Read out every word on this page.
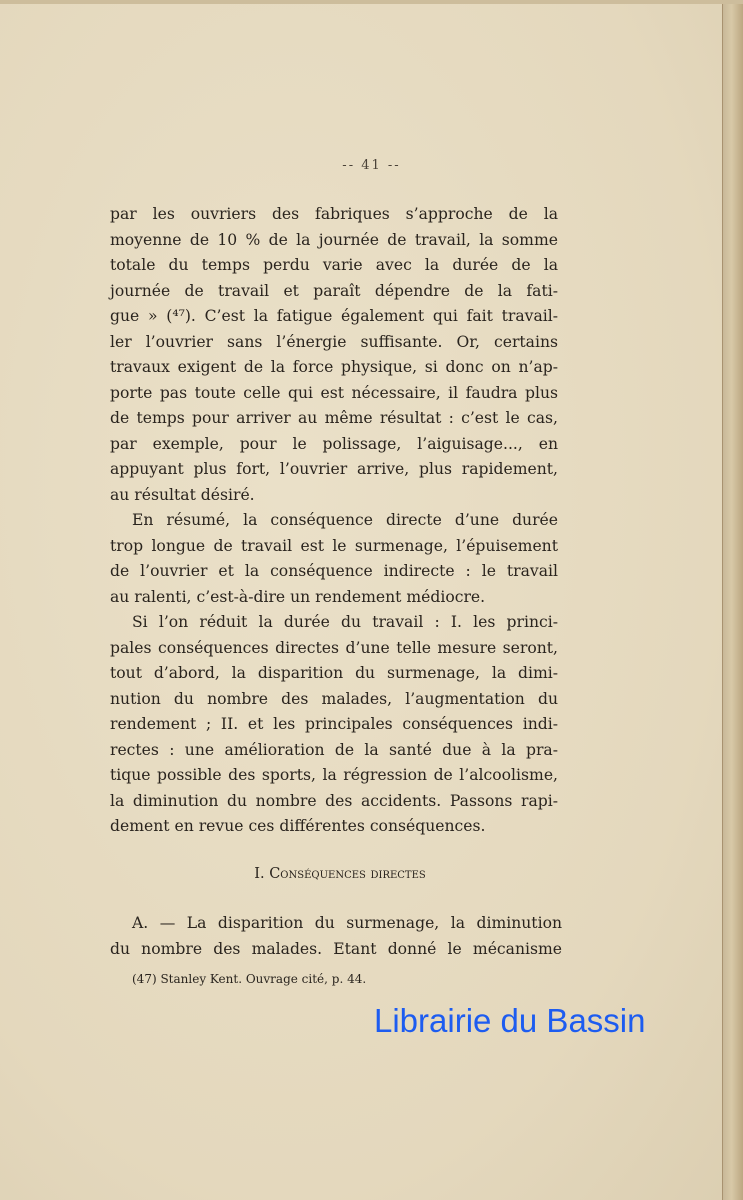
-- 41 --
par les ouvriers des fabriques s’approche de la
moyenne de 10 % de la journée de travail, la somme
totale du temps perdu varie avec la durée de la
journée de travail et paraît dépendre de la fati-
gue » (⁴⁷). C’est la fatigue également qui fait travail-
ler l’ouvrier sans l’énergie suffisante. Or, certains
travaux exigent de la force physique, si donc on n’ap-
porte pas toute celle qui est nécessaire, il faudra plus
de temps pour arriver au même résultat : c’est le cas,
par exemple, pour le polissage, l’aiguisage..., en
appuyant plus fort, l’ouvrier arrive, plus rapidement,
au résultat désiré.
En résumé, la conséquence directe d’une durée
trop longue de travail est le surmenage, l’épuisement
de l’ouvrier et la conséquence indirecte : le travail
au ralenti, c’est-à-dire un rendement médiocre.
Si l’on réduit la durée du travail : I. les princi-
pales conséquences directes d’une telle mesure seront,
tout d’abord, la disparition du surmenage, la dimi-
nution du nombre des malades, l’augmentation du
rendement ; II. et les principales conséquences indi-
rectes : une amélioration de la santé due à la pra-
tique possible des sports, la régression de l’alcoolisme,
la diminution du nombre des accidents. Passons rapi-
dement en revue ces différentes conséquences.
I. Conséquences directes
A. — La disparition du surmenage, la diminution
du nombre des malades. Etant donné le mécanisme
(47) Stanley Kent. Ouvrage cité, p. 44.
Librairie du Bassin
